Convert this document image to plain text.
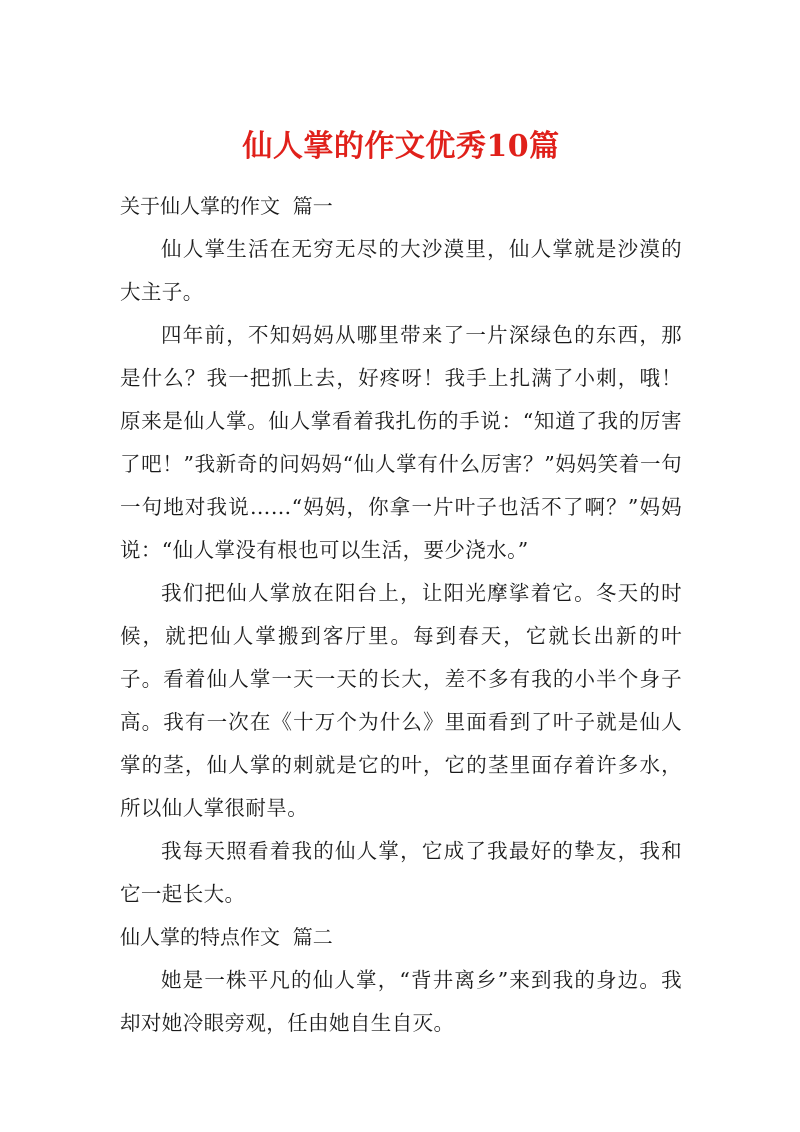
仙人掌的作文优秀10篇

关于仙人掌的作文  篇一

仙人掌生活在无穷无尽的大沙漠里，仙人掌就是沙漠的大主子。

四年前，不知妈妈从哪里带来了一片深绿色的东西，那是什么？我一把抓上去，好疼呀！我手上扎满了小刺，哦！原来是仙人掌。仙人掌看着我扎伤的手说：“知道了我的厉害了吧！”我新奇的问妈妈“仙人掌有什么厉害？”妈妈笑着一句一句地对我说……“妈妈，你拿一片叶子也活不了啊？”妈妈说：“仙人掌没有根也可以生活，要少浇水。”

我们把仙人掌放在阳台上，让阳光摩挲着它。冬天的时候，就把仙人掌搬到客厅里。每到春天，它就长出新的叶子。看着仙人掌一天一天的长大，差不多有我的小半个身子高。我有一次在《十万个为什么》里面看到了叶子就是仙人掌的茎，仙人掌的刺就是它的叶，它的茎里面存着许多水，所以仙人掌很耐旱。

我每天照看着我的仙人掌，它成了我最好的挚友，我和它一起长大。

仙人掌的特点作文  篇二

她是一株平凡的仙人掌，“背井离乡”来到我的身边。我却对她冷眼旁观，任由她自生自灭。
